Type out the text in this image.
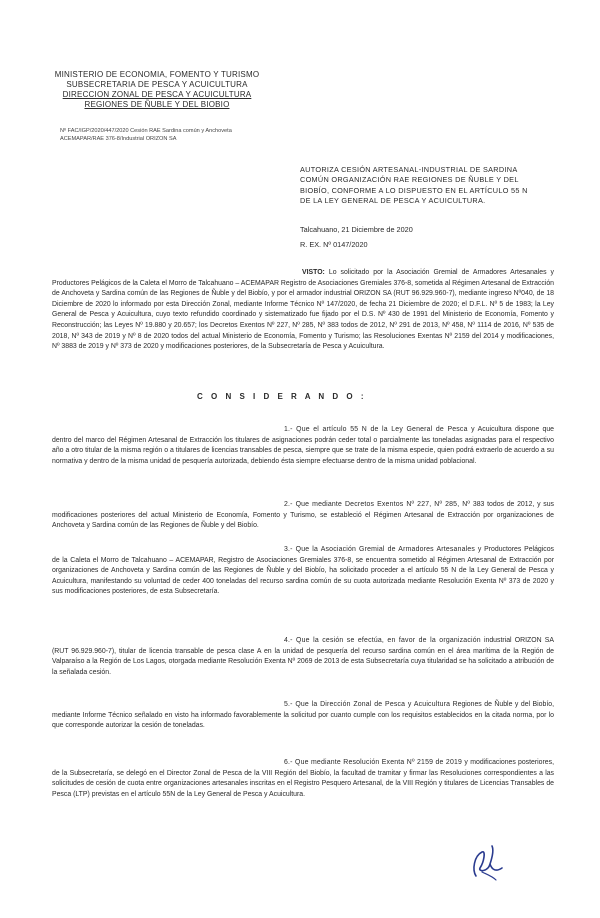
MINISTERIO DE ECONOMIA, FOMENTO Y TURISMO
SUBSECRETARIA DE PESCA Y ACUICULTURA
DIRECCION ZONAL DE PESCA Y ACUICULTURA
REGIONES DE ÑUBLE Y DEL BIOBIO
Nº FAC/IGP/2020/447/2020 Cesión RAE Sardina común y Anchoveta
ACEMAPAR/RAE 376-8/Industrial ORIZON SA
AUTORIZA CESIÓN ARTESANAL-INDUSTRIAL DE SARDINA
COMÚN ORGANIZACIÓN RAE REGIONES DE ÑUBLE Y DEL
BIOBÍO, CONFORME A LO DISPUESTO EN EL ARTÍCULO 55 N
DE LA LEY GENERAL DE PESCA Y ACUICULTURA.
Talcahuano, 21 Diciembre de 2020
R. EX. Nº 0147/2020
VISTO: Lo solicitado por la Asociación Gremial de Armadores Artesanales y Productores Pelágicos de la Caleta el Morro de Talcahuano – ACEMAPAR Registro de Asociaciones Gremiales 376-8, sometida al Régimen Artesanal de Extracción de Anchoveta y Sardina común de las Regiones de Ñuble y del Biobío, y por el armador industrial ORIZON SA (RUT 96.929.960-7), mediante ingreso Nº040, de 18 Diciembre de 2020 lo informado por esta Dirección Zonal, mediante Informe Técnico Nº 147/2020, de fecha 21 Diciembre de 2020; el D.F.L. Nº 5 de 1983; la Ley General de Pesca y Acuicultura, cuyo texto refundido coordinado y sistematizado fue fijado por el D.S. Nº 430 de 1991 del Ministerio de Economía, Fomento y Reconstrucción; las Leyes Nº 19.880 y 20.657; los Decretos Exentos Nº 227, Nº 285, Nº 383 todos de 2012, Nº 291 de 2013, Nº 458, Nº 1114 de 2016, Nº 535 de 2018, Nº 343 de 2019 y Nº 8 de 2020 todos del actual Ministerio de Economía, Fomento y Turismo; las Resoluciones Exentas Nº 2159 del 2014 y modificaciones, Nº 3883 de 2019 y Nº 373 de 2020 y modificaciones posteriores, de la Subsecretaría de Pesca y Acuicultura.
C O N S I D E R A N D O :
1.- Que el artículo 55 N de la Ley General de Pesca y Acuicultura dispone que dentro del marco del Régimen Artesanal de Extracción los titulares de asignaciones podrán ceder total o parcialmente las toneladas asignadas para el respectivo año a otro titular de la misma región o a titulares de licencias transables de pesca, siempre que se trate de la misma especie, quien podrá extraerlo de acuerdo a su normativa y dentro de la misma unidad de pesquería autorizada, debiendo ésta siempre efectuarse dentro de la misma unidad poblacional.
2.- Que mediante Decretos Exentos Nº 227, Nº 285, Nº 383 todos de 2012, y sus modificaciones posteriores del actual Ministerio de Economía, Fomento y Turismo, se estableció el Régimen Artesanal de Extracción por organizaciones de Anchoveta y Sardina común de las Regiones de Ñuble y del Biobío.
3.- Que la Asociación Gremial de Armadores Artesanales y Productores Pelágicos de la Caleta el Morro de Talcahuano – ACEMAPAR, Registro de Asociaciones Gremiales 376-8, se encuentra sometido al Régimen Artesanal de Extracción por organizaciones de Anchoveta y Sardina común de las Regiones de Ñuble y del Biobío, ha solicitado proceder a el artículo 55 N de la Ley General de Pesca y Acuicultura, manifestando su voluntad de ceder 400 toneladas del recurso sardina común de su cuota autorizada mediante Resolución Exenta Nº 373 de 2020 y sus modificaciones posteriores, de esta Subsecretaría.
4.- Que la cesión se efectúa, en favor de la organización industrial ORIZON SA (RUT 96.929.960-7), titular de licencia transable de pesca clase A en la unidad de pesquería del recurso sardina común en el área marítima de la Región de Valparaíso a la Región de Los Lagos, otorgada mediante Resolución Exenta Nº 2069 de 2013 de esta Subsecretaría cuya titularidad se ha solicitado a atribución de la señalada cesión.
5.- Que la Dirección Zonal de Pesca y Acuicultura Regiones de Ñuble y del Biobío, mediante Informe Técnico señalado en visto ha informado favorablemente la solicitud por cuanto cumple con los requisitos establecidos en la citada norma, por lo que corresponde autorizar la cesión de toneladas.
6.- Que mediante Resolución Exenta Nº 2159 de 2019 y modificaciones posteriores, de la Subsecretaría, se delegó en el Director Zonal de Pesca de la VIII Región del Biobío, la facultad de tramitar y firmar las Resoluciones correspondientes a las solicitudes de cesión de cuota entre organizaciones artesanales inscritas en el Registro Pesquero Artesanal, de la VIII Región y titulares de Licencias Transables de Pesca (LTP) previstas en el artículo 55N de la Ley General de Pesca y Acuicultura.
